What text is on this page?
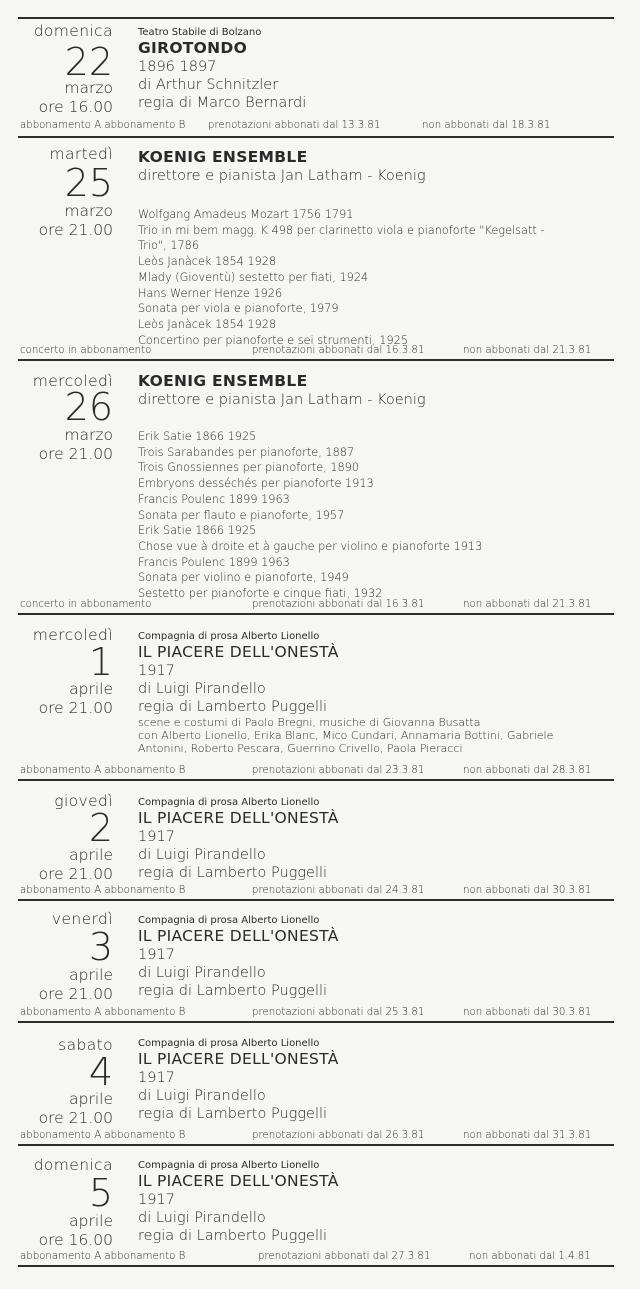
domenica
22
marzo
ore 16.00
Teatro Stabile di Bolzano
GIROTONDO
1896 1897
di Arthur Schnitzler
regia di Marco Bernardi
abbonamento A abbonamento B prenotazioni abbonati dal 13.3.81	non abbonati dal 18.3.81
martedì
25
marzo
ore 21.00
KOENIG ENSEMBLE
direttore e pianista Jan Latham - Koenig
Wolfgang Amadeus Mozart 1756 1791
Trio in mi bem magg. K 498 per clarinetto viola e pianoforte "Kegelsatt -
Trio", 1786
Leòs Janàcek 1854 1928
Mlady (Gioventù) sestetto per fiati, 1924
Hans Werner Henze 1926
Sonata per viola e pianoforte, 1979
Leòs Janàcek 1854 1928
Concertino per pianoforte e sei strumenti, 1925
concerto in abbonamento	prenotazioni abbonati dal 16.3.81	non abbonati dal 21.3.81
mercoledì
26
marzo
ore 21.00
KOENIG ENSEMBLE
direttore e pianista Jan Latham - Koenig
Erik Satie 1866 1925
Trois Sarabandes per pianoforte, 1887
Trois Gnossiennes per pianoforte, 1890
Embryons desséchés per pianoforte 1913
Francis Poulenc 1899 1963
Sonata per flauto e pianoforte, 1957
Erik Satie 1866 1925
Chose vue à droite et à gauche per violino e pianoforte 1913
Francis Poulenc 1899 1963
Sonata per violino e pianoforte, 1949
Sestetto per pianoforte e cinque fiati, 1932
concerto in abbonamento	prenotazioni abbonati dal 16.3.81	non abbonati dal 21.3.81
mercoledì
1
aprile
ore 21.00
Compagnia di prosa Alberto Lionello
IL PIACERE DELL'ONESTÀ
1917
di Luigi Pirandello
regia di Lamberto Puggelli
scene e costumi di Paolo Bregni, musiche di Giovanna Busatta
con Alberto Lionello, Erika Blanc, Mico Cundari, Annamaria Bottini, Gabriele
Antonini, Roberto Pescara, Guerrino Crivello, Paola Pieracci
abbonamento A abbonamento B	prenotazioni abbonati dal 23.3.81	non abbonati dal 28.3.81
giovedì
2
aprile
ore 21.00
Compagnia di prosa Alberto Lionello
IL PIACERE DELL'ONESTÀ
1917
di Luigi Pirandello
regia di Lamberto Puggelli
abbonamento A abbonamento B	prenotazioni abbonati dal 24.3.81	non abbonati dal 30.3.81
venerdì
3
aprile
ore 21.00
Compagnia di prosa Alberto Lionello
IL PIACERE DELL'ONESTÀ
1917
di Luigi Pirandello
regia di Lamberto Puggelli
abbonamento A abbonamento B	prenotazioni abbonati dal 25.3.81	non abbonati dal 30.3.81
sabato
4
aprile
ore 21.00
Compagnia di prosa Alberto Lionello
IL PIACERE DELL'ONESTÀ
1917
di Luigi Pirandello
regia di Lamberto Puggelli
abbonamento A abbonamento B	prenotazioni abbonati dal 26.3.81	non abbonati dal 31.3.81
domenica
5
aprile
ore 16.00
Compagnia di prosa Alberto Lionello
IL PIACERE DELL'ONESTÀ
1917
di Luigi Pirandello
regia di Lamberto Puggelli
abbonamento A abbonamento B	prenotazioni abbonati dal 27.3.81	non abbonati dal 1.4.81
